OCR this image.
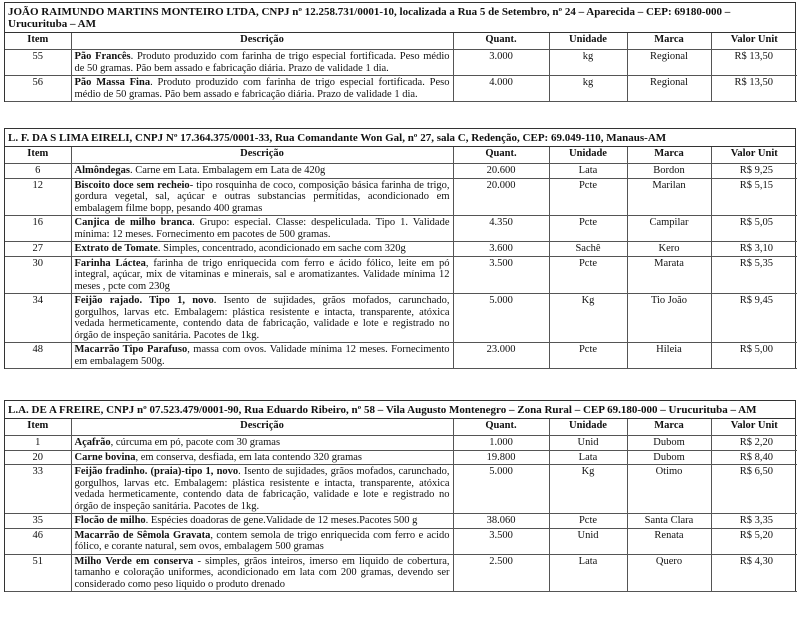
JOÃO RAIMUNDO MARTINS MONTEIRO LTDA, CNPJ nº 12.258.731/0001-10, localizada a Rua 5 de Setembro, nº 24 – Aparecida – CEP: 69180-000 – Urucurituba – AM
Item	Descrição	Quant.	Unidade	Marca	Valor Unit
55	Pão Francês. Produto produzido com farinha de trigo especial fortificada. Peso médio de 50 gramas. Pão bem assado e fabricação diária. Prazo de validade 1 dia.	3.000	kg	Regional	R$ 13,50
56	Pão Massa Fina. Produto produzido com farinha de trigo especial fortificada. Peso médio de 50 gramas. Pão bem assado e fabricação diária. Prazo de validade 1 dia.	4.000	kg	Regional	R$ 13,50
L. F. DA S LIMA EIRELI, CNPJ Nº 17.364.375/0001-33, Rua Comandante Won Gal, nº 27, sala C, Redenção, CEP: 69.049-110, Manaus-AM
Item	Descrição	Quant.	Unidade	Marca	Valor Unit
6	Almôndegas. Carne em Lata. Embalagem em Lata de 420g	20.600	Lata	Bordon	R$ 9,25
12	Biscoito doce sem recheio- tipo rosquinha de coco, composição básica farinha de trigo, gordura vegetal, sal, açúcar e outras substancias permitidas, acondicionado em embalagem filme bopp, pesando 400 gramas	20.000	Pcte	Marilan	R$ 5,15
16	Canjica de milho branca. Grupo: especial. Classe: despeliculada. Tipo 1. Validade mínima: 12 meses. Fornecimento em pacotes de 500 gramas.	4.350	Pcte	Campilar	R$ 5,05
27	Extrato de Tomate. Simples, concentrado, acondicionado em sache com 320g	3.600	Sachê	Kero	R$ 3,10
30	Farinha Láctea, farinha de trigo enriquecida com ferro e ácido fólico, leite em pó integral, açúcar, mix de vitaminas e minerais, sal e aromatizantes. Validade mínima 12 meses , pcte com 230g	3.500	Pcte	Marata	R$ 5,35
34	Feijão rajado. Tipo 1, novo. Isento de sujidades, grãos mofados, carunchado, gorgulhos, larvas etc. Embalagem: plástica resistente e intacta, transparente, atóxica vedada hermeticamente, contendo data de fabricação, validade e lote e registrado no órgão de inspeção sanitária. Pacotes de 1kg.	5.000	Kg	Tio João	R$ 9,45
48	Macarrão Tipo Parafuso, massa com ovos. Validade mínima 12 meses. Fornecimento em embalagem 500g.	23.000	Pcte	Hileia	R$ 5,00
L.A. DE A FREIRE, CNPJ nº 07.523.479/0001-90, Rua Eduardo Ribeiro, nº 58 – Vila Augusto Montenegro – Zona Rural – CEP 69.180-000 – Urucurituba – AM
Item	Descrição	Quant.	Unidade	Marca	Valor Unit
1	Açafrão, cúrcuma em pó, pacote com 30 gramas	1.000	Unid	Dubom	R$ 2,20
20	Carne bovina, em conserva, desfiada, em lata contendo 320 gramas	19.800	Lata	Dubom	R$ 8,40
33	Feijão fradinho. (praia)-tipo 1, novo. Isento de sujidades, grãos mofados, carunchado, gorgulhos, larvas etc. Embalagem: plástica resistente e intacta, transparente, atóxica vedada hermeticamente, contendo data de fabricação, validade e lote e registrado no órgão de inspeção sanitária. Pacotes de 1kg.	5.000	Kg	Otimo	R$ 6,50
35	Flocão de milho. Espécies doadoras de gene.Validade de 12 meses.Pacotes 500 g	38.060	Pcte	Santa Clara	R$ 3,35
46	Macarrão de Sêmola Gravata, contem semola de trigo enriquecida com ferro e acido fólico, e corante natural, sem ovos, embalagem 500 gramas	3.500	Unid	Renata	R$ 5,20
51	Milho Verde em conserva - simples, grãos inteiros, imerso em liquido de cobertura, tamanho e coloração uniformes, acondicionado em lata com 200 gramas, devendo ser considerado como peso liquido o produto drenado	2.500	Lata	Quero	R$ 4,30
